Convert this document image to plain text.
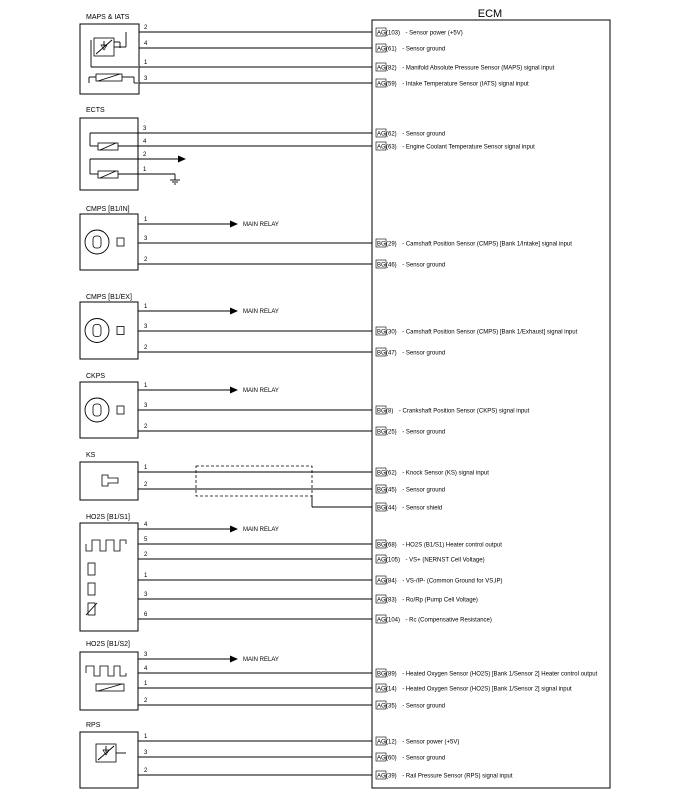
ECM
MAPS & IATS
2
AG (103) - Sensor power (+5V)
4
AG (61) - Sensor ground
1
AG (82) - Manifold Absolute Pressure Sensor (MAPS) signal input
3
AG (59) - Intake Temperature Sensor (IATS) signal input
ECTS
3
AG (62) - Sensor ground
4
AG (63) - Engine Coolant Temperature Sensor signal input
2
1
CMPS [B1/IN]
1
MAIN RELAY
3
BG (29) - Camshaft Position Sensor (CMPS) [Bank 1/Intake] signal input
2
BG (46) - Sensor ground
CMPS [B1/EX]
1
MAIN RELAY
3
BG (30) - Camshaft Position Sensor (CMPS) [Bank 1/Exhaust] signal input
2
BG (47) - Sensor ground
CKPS
1
MAIN RELAY
3
BG (8) - Crankshaft Position Sensor (CKPS) signal input
2
BG (25) - Sensor ground
KS
1
BG (62) - Knock Sensor (KS) signal input
2
BG (45) - Sensor ground
BG (44) - Sensor shield
HO2S [B1/S1]
4
MAIN RELAY
5
BG (68) - HO2S (B1/S1) Heater control output
2
AG (105) - VS+ (NERNST Cell Voltage)
1
AG (84) - VS-/IP- (Common Ground for VS,IP)
3
AG (83) - Ro/Rp (Pump Cell Voltage)
6
AG (104) - Rc (Compensative Resistance)
HO2S [B1/S2]
3
MAIN RELAY
4
BG (89) - Heated Oxygen Sensor (HO2S) [Bank 1/Sensor 2] Heater control output
1
AG (14) - Heated Oxygen Sensor (HO2S) [Bank 1/Sensor 2] signal input
2
AG (35) - Sensor ground
RPS
1
AG (12) - Sensor power (+5V)
3
AG (60) - Sensor ground
2
AG (39) - Rail Pressure Sensor (RPS) signal input
